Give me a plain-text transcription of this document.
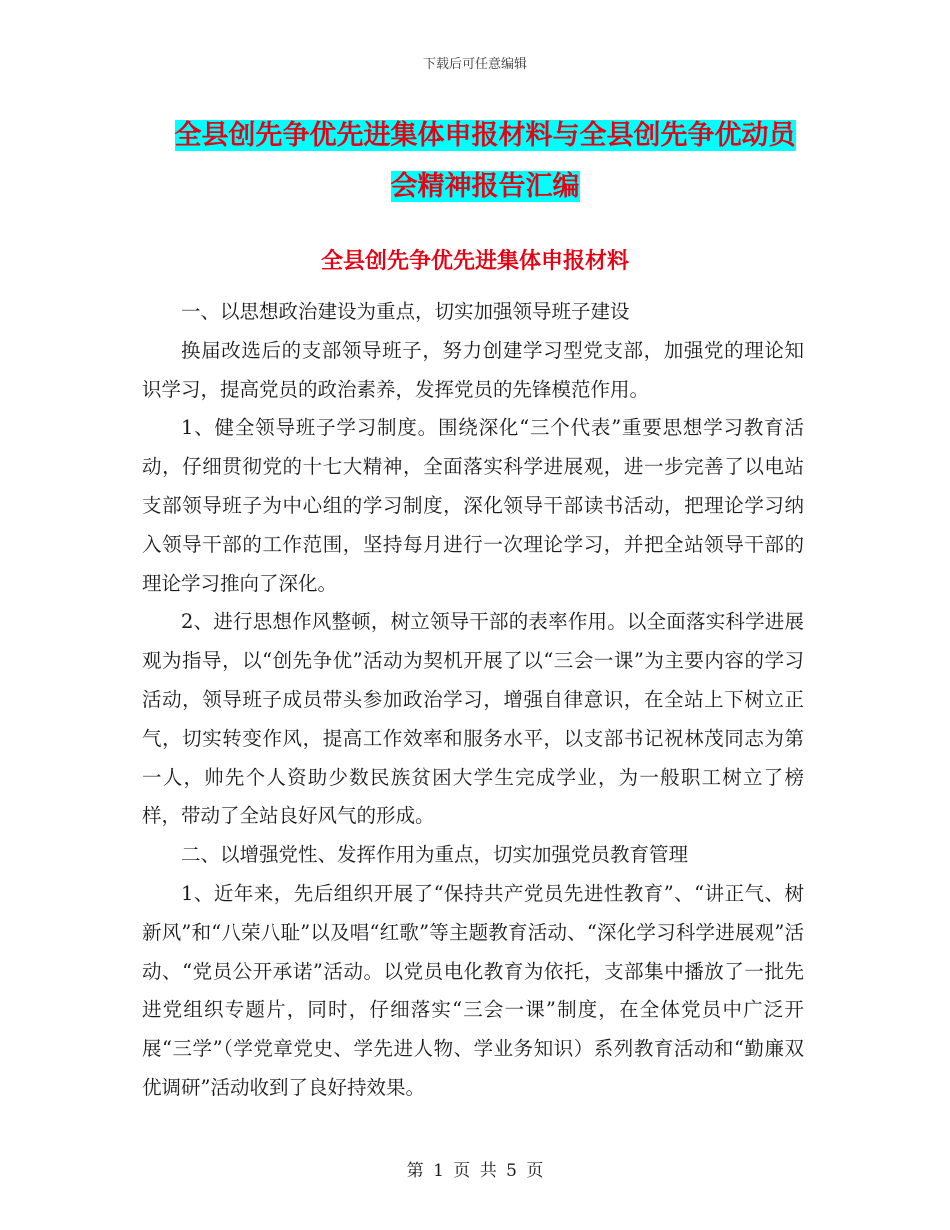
下载后可任意编辑
全县创先争优先进集体申报材料与全县创先争优动员
会精神报告汇编
全县创先争优先进集体申报材料

一、以思想政治建设为重点，切实加强领导班子建设

换届改选后的支部领导班子，努力创建学习型党支部，加强党的理论知识学习，提高党员的政治素养，发挥党员的先锋模范作用。

1、健全领导班子学习制度。围绕深化“三个代表”重要思想学习教育活动，仔细贯彻党的十七大精神，全面落实科学进展观，进一步完善了以电站支部领导班子为中心组的学习制度，深化领导干部读书活动，把理论学习纳入领导干部的工作范围，坚持每月进行一次理论学习，并把全站领导干部的理论学习推向了深化。

2、进行思想作风整顿，树立领导干部的表率作用。以全面落实科学进展观为指导，以“创先争优”活动为契机开展了以“三会一课”为主要内容的学习活动，领导班子成员带头参加政治学习，增强自律意识，在全站上下树立正气，切实转变作风，提高工作效率和服务水平，以支部书记祝林茂同志为第一人，帅先个人资助少数民族贫困大学生完成学业，为一般职工树立了榜样，带动了全站良好风气的形成。

二、以增强党性、发挥作用为重点，切实加强党员教育管理

1、近年来，先后组织开展了“保持共产党员先进性教育”、“讲正气、树新风”和“八荣八耻”以及唱“红歌”等主题教育活动、“深化学习科学进展观”活动、“党员公开承诺”活动。以党员电化教育为依托，支部集中播放了一批先进党组织专题片，同时，仔细落实“三会一课”制度，在全体党员中广泛开展“三学”（学党章党史、学先进人物、学业务知识）系列教育活动和“勤廉双优调研”活动收到了良好持效果。

第 1 页 共 5 页
